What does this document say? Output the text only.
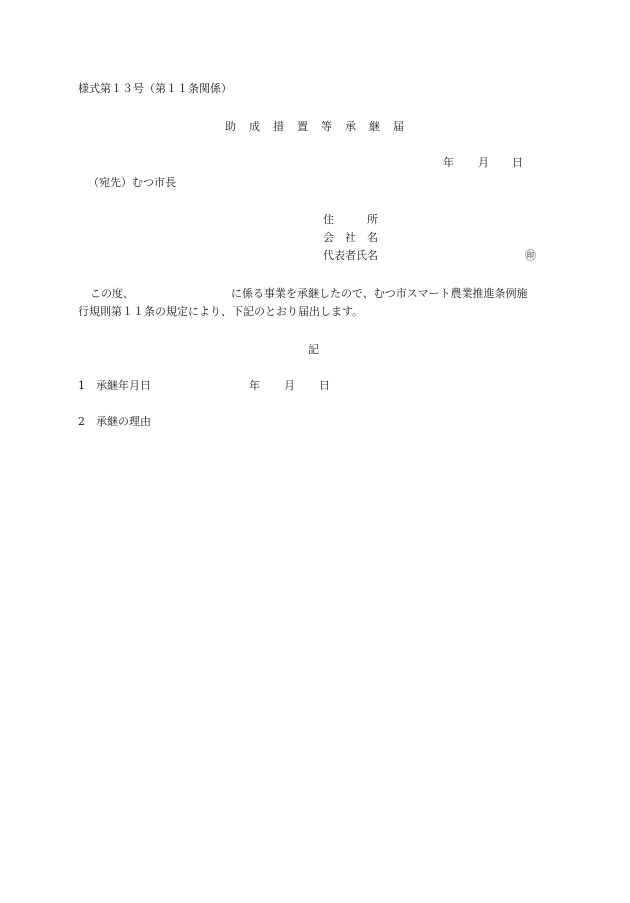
様式第１３号（第１１条関係）
助　成　措　置　等　承　継　届
年 月 日
（宛先）むつ市長
住　　　所
会　社　名
代表者氏名	㊞
この度、	に係る事業を承継したので、むつ市スマート農業推進条例施
行規則第１１条の規定により、下記のとおり届出します。
記
1 承継年月日	年 月 日
2 承継の理由
